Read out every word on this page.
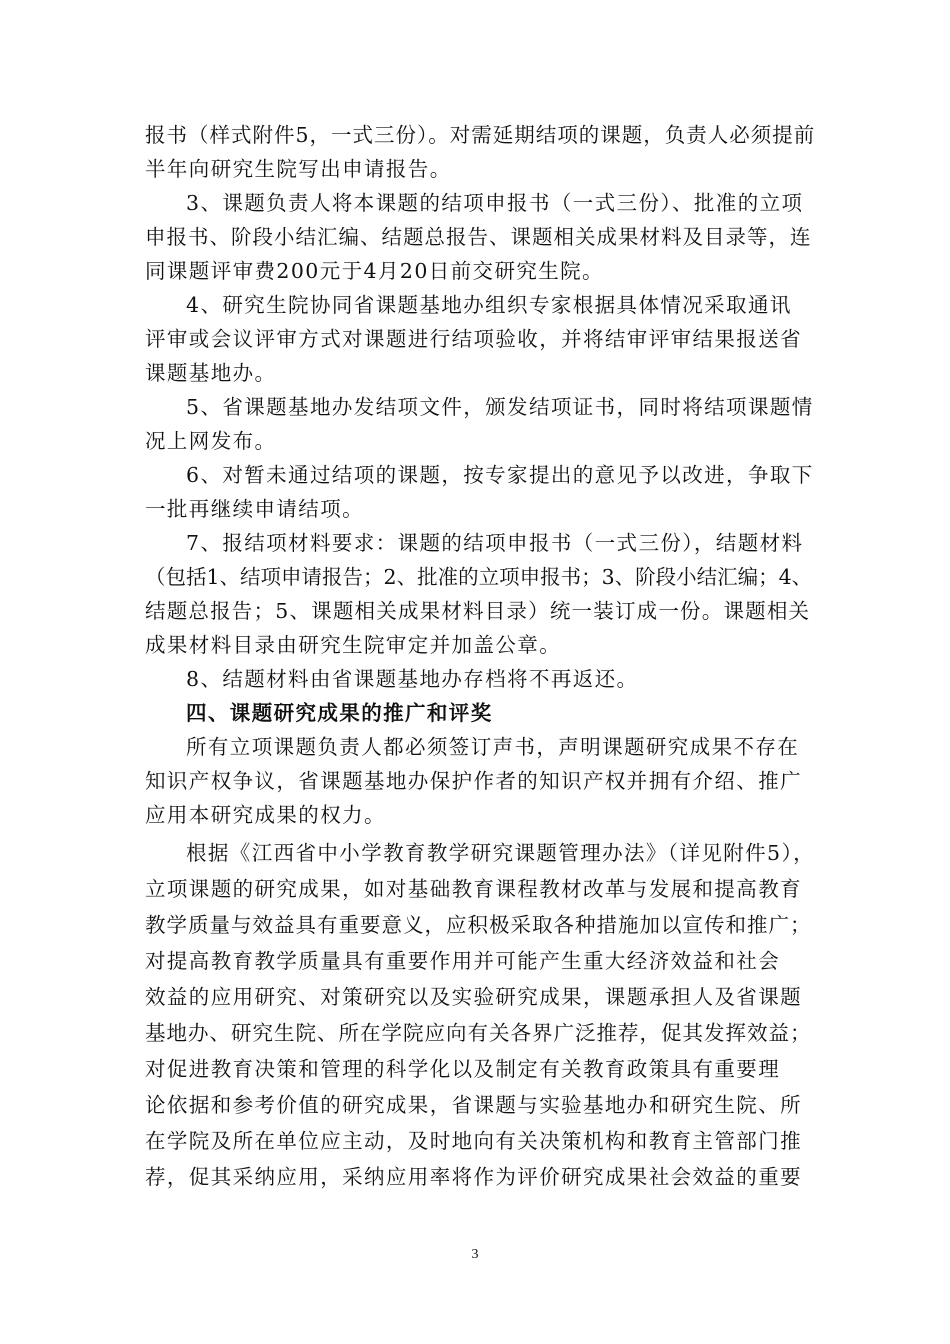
报书（样式附件5，一式三份）。对需延期结项的课题，负责人必须提前
半年向研究生院写出申请报告。
3、课题负责人将本课题的结项申报书（一式三份）、批准的立项
申报书、阶段小结汇编、结题总报告、课题相关成果材料及目录等，连
同课题评审费200元于4月20日前交研究生院。
4、研究生院协同省课题基地办组织专家根据具体情况采取通讯
评审或会议评审方式对课题进行结项验收，并将结审评审结果报送省
课题基地办。
5、省课题基地办发结项文件，颁发结项证书，同时将结项课题情
况上网发布。
6、对暂未通过结项的课题，按专家提出的意见予以改进，争取下
一批再继续申请结项。
7、报结项材料要求：课题的结项申报书（一式三份），结题材料
（包括1、结项申请报告；2、批准的立项申报书；3、阶段小结汇编；4、
结题总报告；5、课题相关成果材料目录）统一装订成一份。课题相关
成果材料目录由研究生院审定并加盖公章。
8、结题材料由省课题基地办存档将不再返还。
四、课题研究成果的推广和评奖
所有立项课题负责人都必须签订声书，声明课题研究成果不存在
知识产权争议，省课题基地办保护作者的知识产权并拥有介绍、推广
应用本研究成果的权力。
根据《江西省中小学教育教学研究课题管理办法》（详见附件5），
立项课题的研究成果，如对基础教育课程教材改革与发展和提高教育
教学质量与效益具有重要意义，应积极采取各种措施加以宣传和推广；
对提高教育教学质量具有重要作用并可能产生重大经济效益和社会
效益的应用研究、对策研究以及实验研究成果，课题承担人及省课题
基地办、研究生院、所在学院应向有关各界广泛推荐，促其发挥效益；
对促进教育决策和管理的科学化以及制定有关教育政策具有重要理
论依据和参考价值的研究成果，省课题与实验基地办和研究生院、所
在学院及所在单位应主动，及时地向有关决策机构和教育主管部门推
荐，促其采纳应用，采纳应用率将作为评价研究成果社会效益的重要
3
